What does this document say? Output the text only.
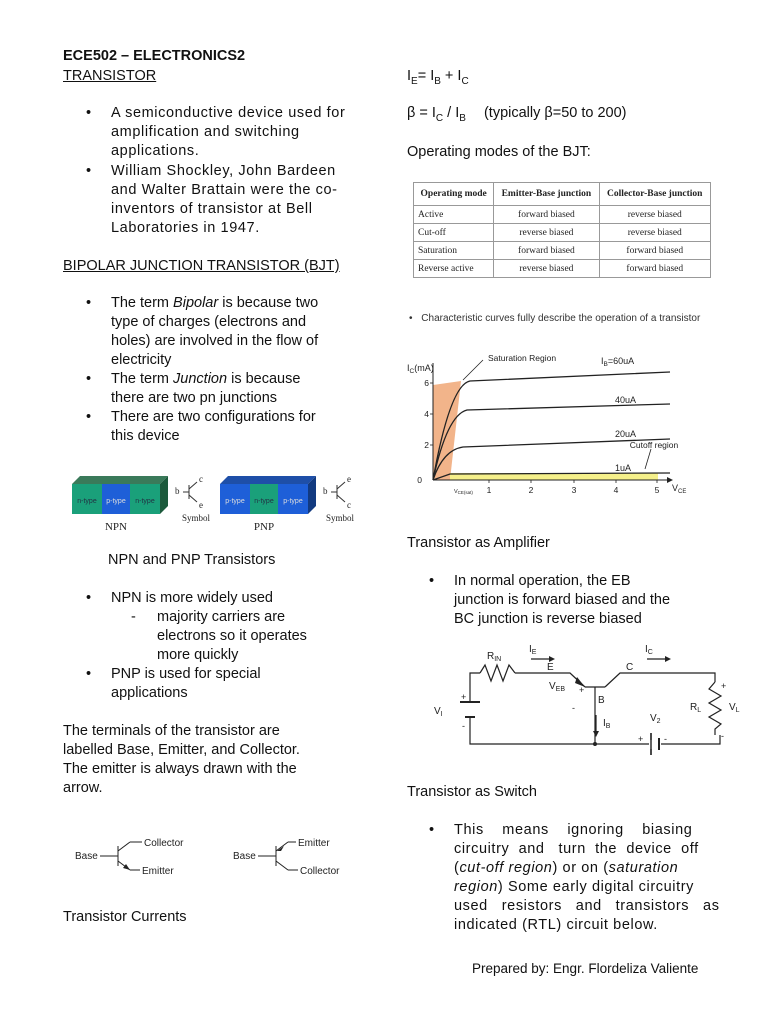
ECE502 – ELECTRONICS2
TRANSISTOR
• A semiconductive device used for
amplification and switching
applications.
• William Shockley, John Bardeen
and Walter Brattain were the co-
inventors of transistor at Bell
Laboratories in 1947.
BIPOLAR JUNCTION TRANSISTOR (BJT)
• The term Bipolar is because two
type of charges (electrons and
holes) are involved in the flow of
electricity
• The term Junction is because
there are two pn junctions
• There are two configurations for
this device
n-type p-type n-type
b
c
e
Symbol
p-type n-type p-type
b
e
c
Symbol
NPN	PNP
NPN and PNP Transistors
• NPN is more widely used
- majority carriers are
electrons so it operates
more quickly
• PNP is used for special
applications
The terminals of the transistor are
labelled Base, Emitter, and Collector.
The emitter is always drawn with the
arrow.
Base
Collector
Emitter
Base
Emitter
Collector
Transistor Currents
$I_E= I_B + I_C$
$\beta = I_C / I_B$ (typically β=50 to 200)
Operating modes of the BJT:
Operating mode	Emitter-Base junction	Collector-Base junction
Active	forward biased	reverse biased
Cut-off	reverse biased	reverse biased
Saturation	forward biased	forward biased
Reverse active	reverse biased	forward biased
• Characteristic curves fully describe the operation of a transistor
$I_C(mA)$
Saturation Region
Cutoff region
$I_B=60uA$
40uA
20uA
1uA
6
4
2
0
1	2	3	4	5
VCE(sat)	$V_{CE}$
Transistor as Amplifier
• In normal operation, the EB
junction is forward biased and the
BC junction is reverse biased
$R_{IN}$
$I_E$
E	C
$I_C$
$V_{EB}$
B
$I_B$
$V_I$	$V_2$
$R_L$	$V_L$
+
-
-
+
+ -
+
-
Transistor as Switch
• This    means    ignoring    biasing
circuitry  and   turn  the  device  off
(cut-off region) or on (saturation
region) Some early digital circuitry
used   resistors   and   transistors   as
indicated (RTL) circuit below.
Prepared by: Engr. Flordeliza Valiente
